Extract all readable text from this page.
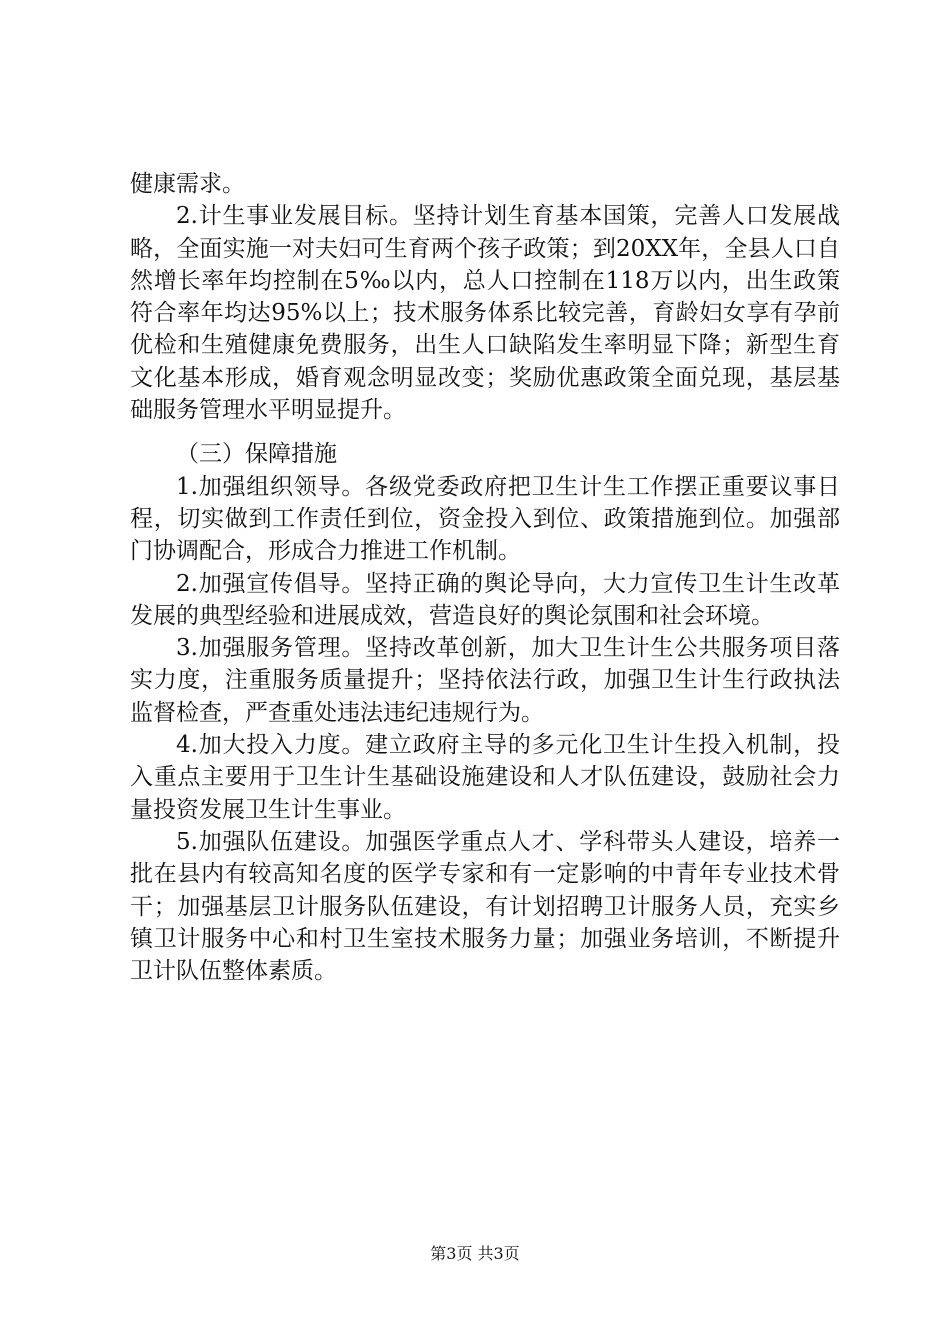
健康需求。

2.计生事业发展目标。坚持计划生育基本国策，完善人口发展战略，全面实施一对夫妇可生育两个孩子政策；到20XX年，全县人口自然增长率年均控制在5‰以内，总人口控制在118万以内，出生政策符合率年均达95%以上；技术服务体系比较完善，育龄妇女享有孕前优检和生殖健康免费服务，出生人口缺陷发生率明显下降；新型生育文化基本形成，婚育观念明显改变；奖励优惠政策全面兑现，基层基础服务管理水平明显提升。

（三）保障措施

1.加强组织领导。各级党委政府把卫生计生工作摆正重要议事日程，切实做到工作责任到位，资金投入到位、政策措施到位。加强部门协调配合，形成合力推进工作机制。

2.加强宣传倡导。坚持正确的舆论导向，大力宣传卫生计生改革发展的典型经验和进展成效，营造良好的舆论氛围和社会环境。

3.加强服务管理。坚持改革创新，加大卫生计生公共服务项目落实力度，注重服务质量提升；坚持依法行政，加强卫生计生行政执法监督检查，严查重处违法违纪违规行为。

4.加大投入力度。建立政府主导的多元化卫生计生投入机制，投入重点主要用于卫生计生基础设施建设和人才队伍建设，鼓励社会力量投资发展卫生计生事业。

5.加强队伍建设。加强医学重点人才、学科带头人建设，培养一批在县内有较高知名度的医学专家和有一定影响的中青年专业技术骨干；加强基层卫计服务队伍建设，有计划招聘卫计服务人员，充实乡镇卫计服务中心和村卫生室技术服务力量；加强业务培训，不断提升卫计队伍整体素质。

第3页 共3页
